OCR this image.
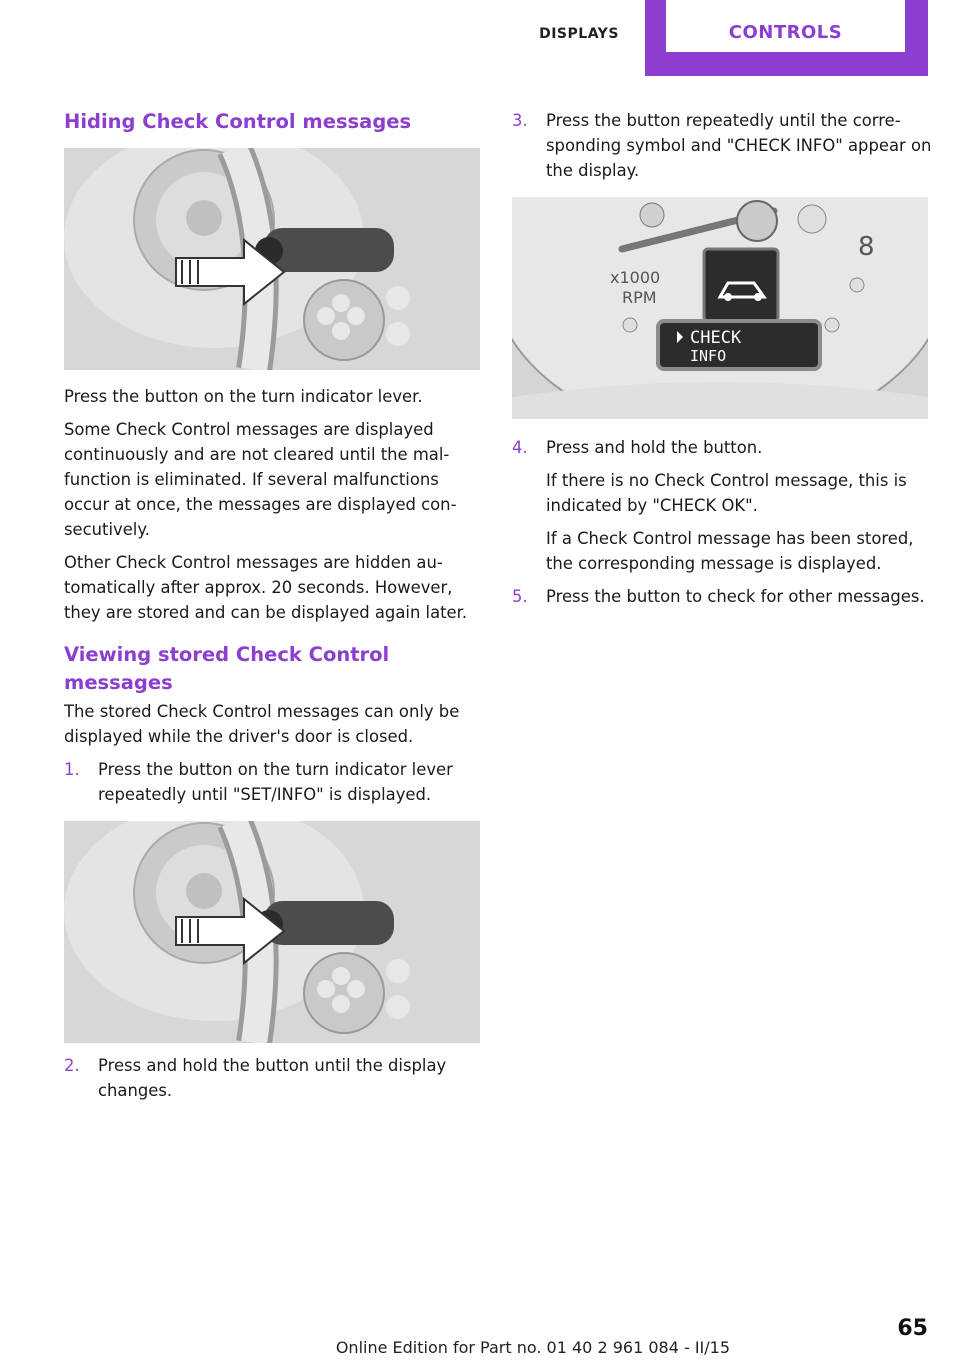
DISPLAYS	CONTROLS
Hiding Check Control messages

Press the button on the turn indicator lever.

Some Check Control messages are displayed continuously and are not cleared until the malfunction is eliminated. If several malfunctions occur at once, the messages are displayed consecutively.

Other Check Control messages are hidden automatically after approx. 20 seconds. However, they are stored and can be displayed again later.

Viewing stored Check Control messages

The stored Check Control messages can only be displayed while the driver's door is closed.

1.	Press the button on the turn indicator lever repeatedly until "SET/INFO" is displayed.
2.	Press and hold the button until the display changes.
3.	Press the button repeatedly until the corresponding symbol and "CHECK INFO" appear on the display.
8
x1000
RPM
CHECK
INFO
4.	Press and hold the button.

If there is no Check Control message, this is indicated by "CHECK OK".

If a Check Control message has been stored, the corresponding message is displayed.

5.	Press the button to check for other messages.
65
Online Edition for Part no. 01 40 2 961 084 - II/15
